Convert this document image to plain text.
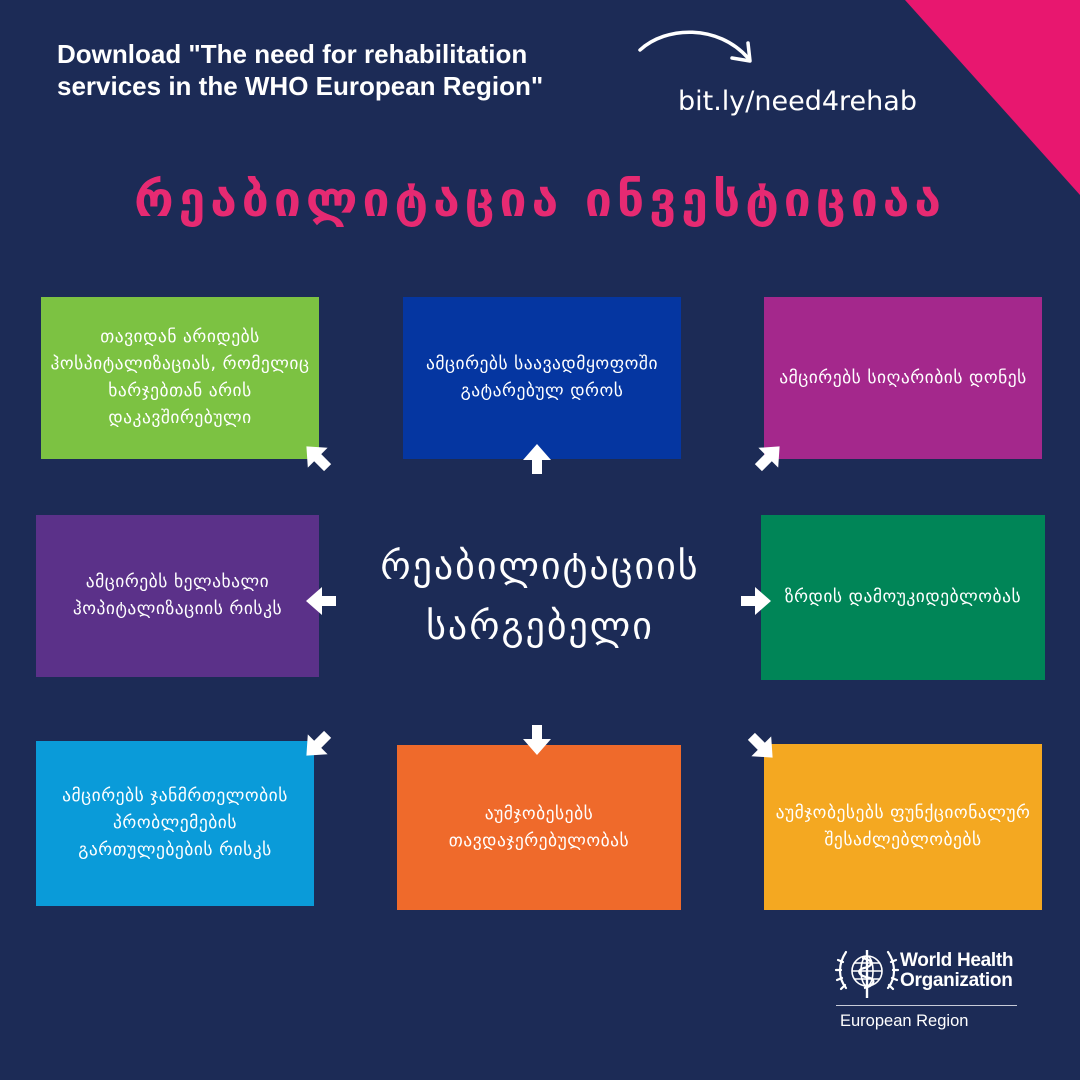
Download "The need for rehabilitation services in the WHO European Region"	bit.ly/need4rehab
რეაბილიტაცია ინვესტიციაა
რეაბილიტაციის სარგებელი
თავიდან არიდებს ჰოსპიტალიზაციას, რომელიც ხარჯებთან არის დაკავშირებული
ამცირებს საავადმყოფოში გატარებულ დროს
ამცირებს სიღარიბის დონეს
ამცირებს ხელახალი ჰოპიტალიზაციის რისკს
ზრდის დამოუკიდებლობას
ამცირებს ჯანმრთელობის პრობლემების გართულებების რისკს
აუმჯობესებს თავდაჯერებულობას
აუმჯობესებს ფუნქციონალურ შესაძლებლობებს
World Health Organization
European Region
